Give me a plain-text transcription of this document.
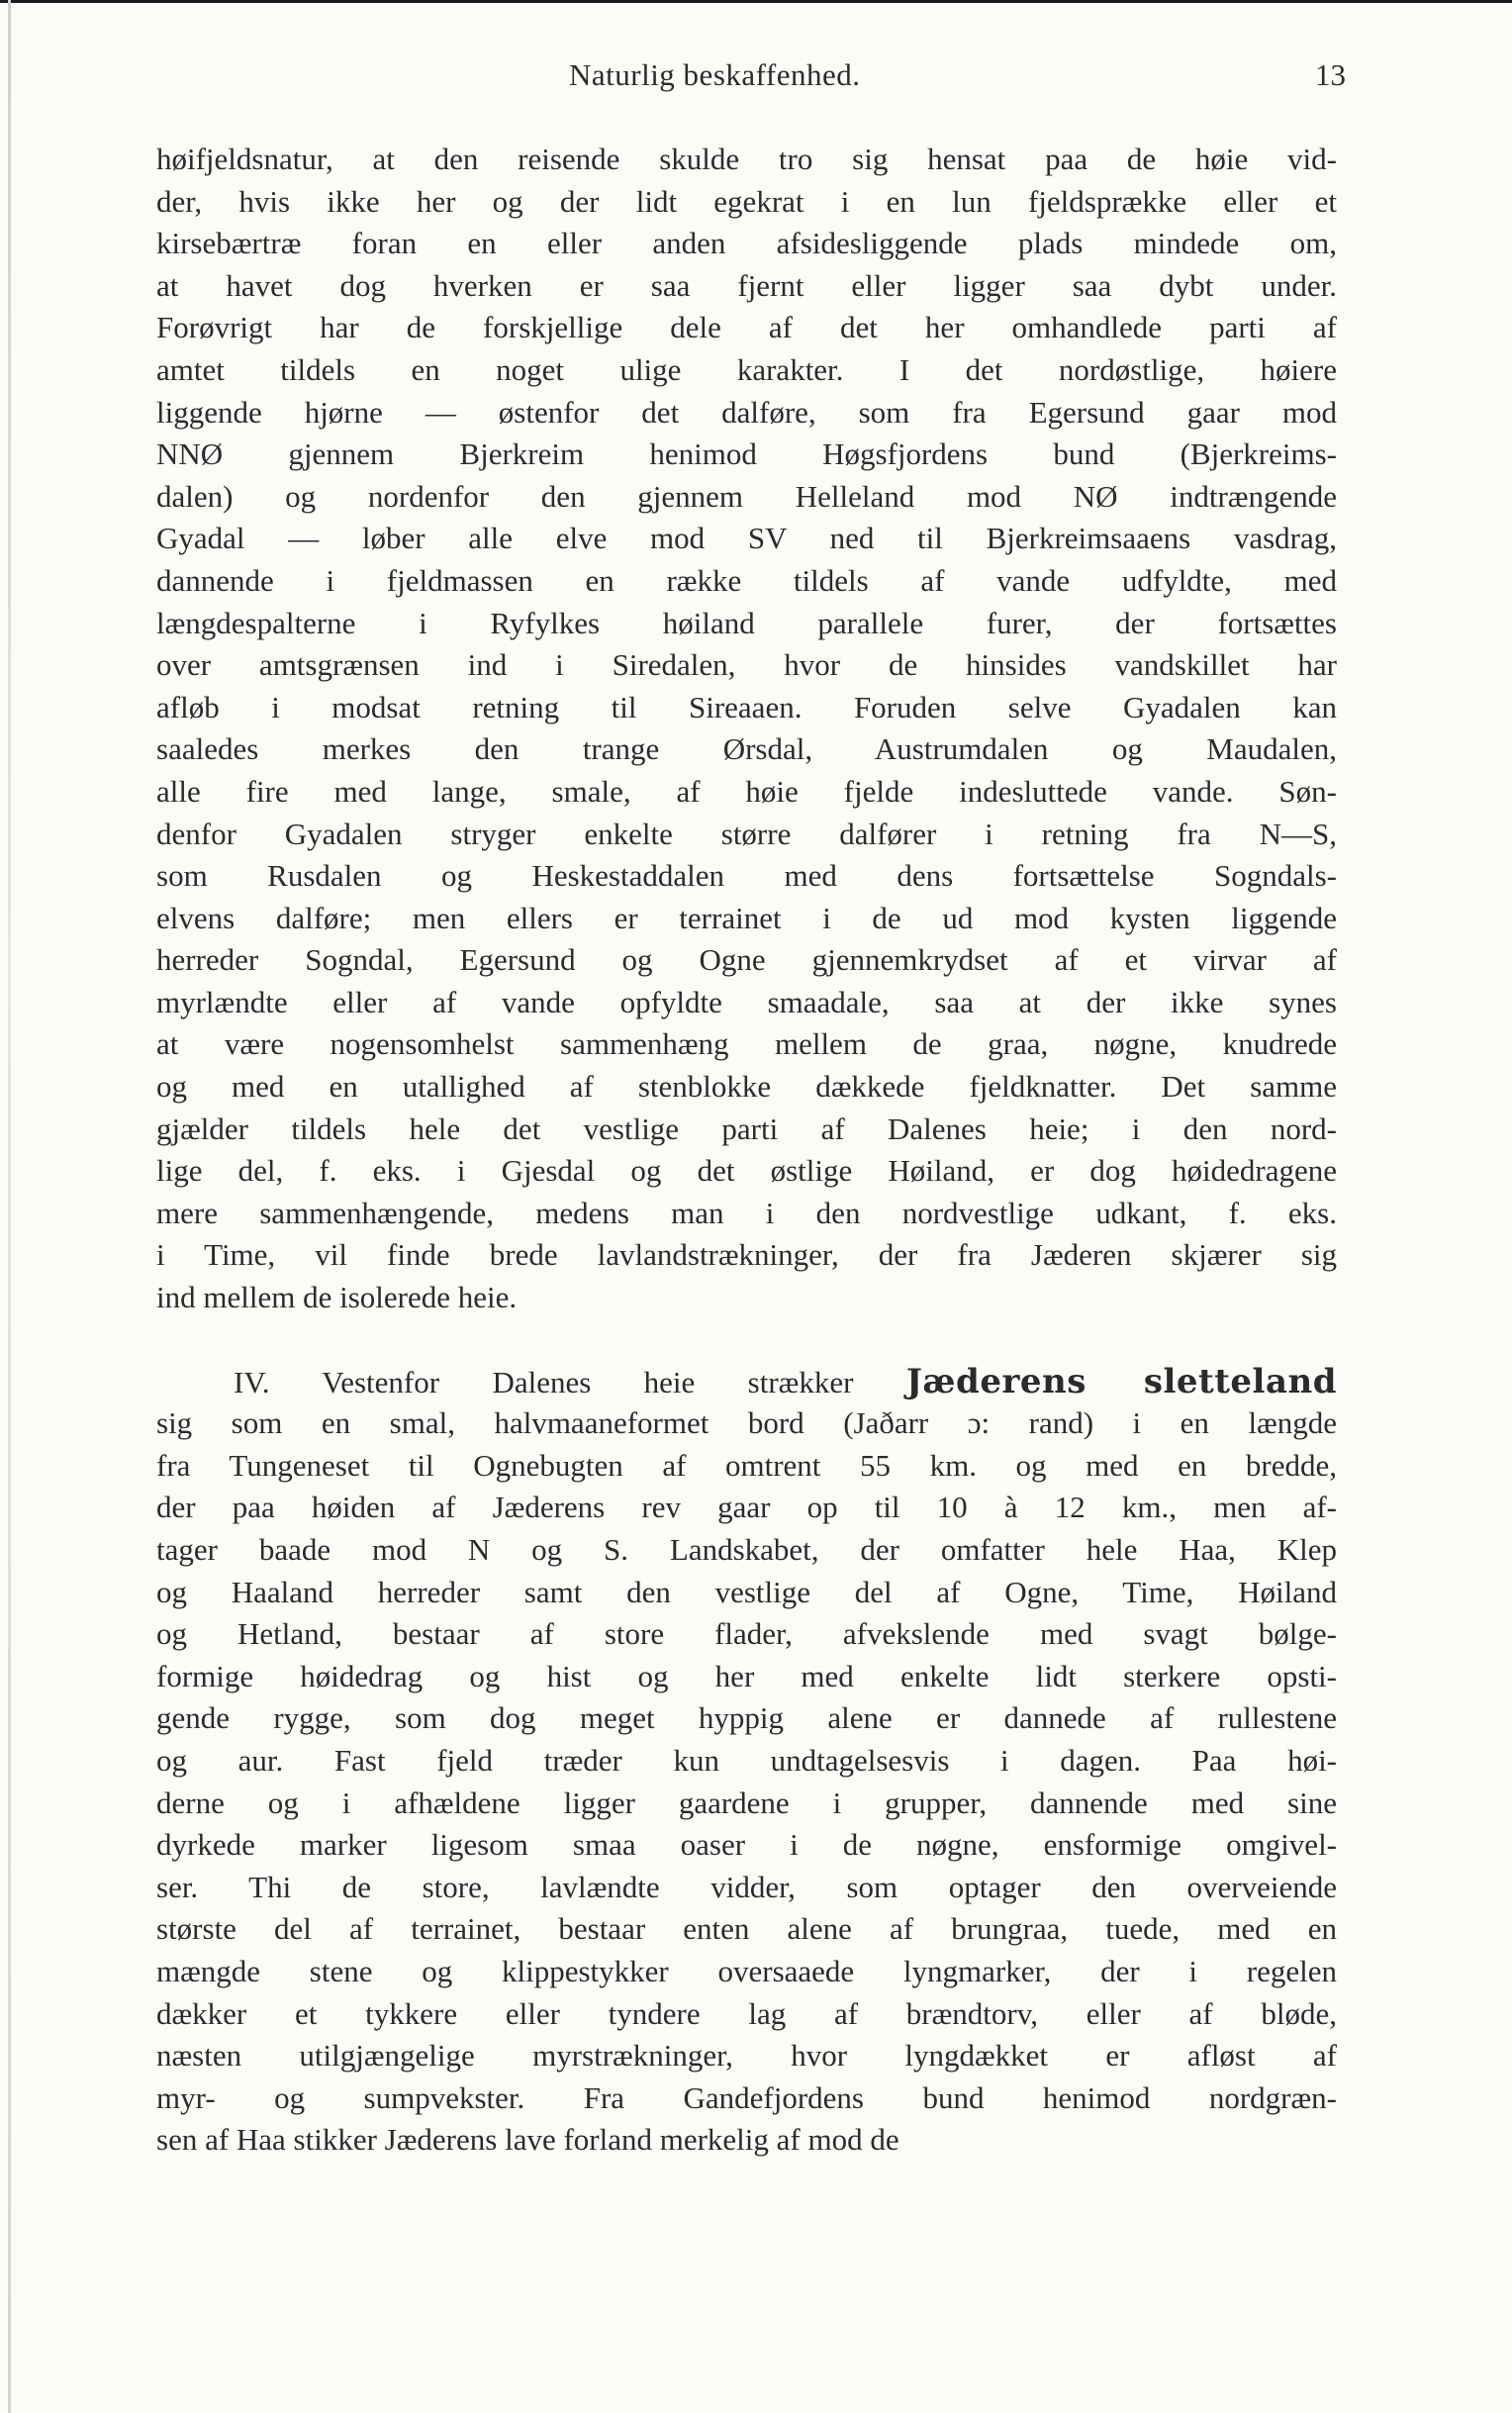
Naturlig beskaffenhed.	13
høifjeldsnatur, at den reisende skulde tro sig hensat paa de høie vid-
der, hvis ikke her og der lidt egekrat i en lun fjeldsprække eller et
kirsebærtræ foran en eller anden afsidesliggende plads mindede om,
at havet dog hverken er saa fjernt eller ligger saa dybt under.
Forøvrigt har de forskjellige dele af det her omhandlede parti af
amtet tildels en noget ulige karakter. I det nordøstlige, høiere
liggende hjørne — østenfor det dalføre, som fra Egersund gaar mod
NNØ gjennem Bjerkreim henimod Høgsfjordens bund (Bjerkreims-
dalen) og nordenfor den gjennem Helleland mod NØ indtrængende
Gyadal — løber alle elve mod SV ned til Bjerkreimsaaens vasdrag,
dannende i fjeldmassen en række tildels af vande udfyldte, med
længdespalterne i Ryfylkes høiland parallele furer, der fortsættes
over amtsgrænsen ind i Siredalen, hvor de hinsides vandskillet har
afløb i modsat retning til Sireaaen. Foruden selve Gyadalen kan
saaledes merkes den trange Ørsdal, Austrumdalen og Maudalen,
alle fire med lange, smale, af høie fjelde indesluttede vande. Søn-
denfor Gyadalen stryger enkelte større dalfører i retning fra N—S,
som Rusdalen og Heskestaddalen med dens fortsættelse Sogndals-
elvens dalføre; men ellers er terrainet i de ud mod kysten liggende
herreder Sogndal, Egersund og Ogne gjennemkrydset af et virvar af
myrlændte eller af vande opfyldte smaadale, saa at der ikke synes
at være nogensomhelst sammenhæng mellem de graa, nøgne, knudrede
og med en utallighed af stenblokke dækkede fjeldknatter. Det samme
gjælder tildels hele det vestlige parti af Dalenes heie; i den nord-
lige del, f. eks. i Gjesdal og det østlige Høiland, er dog høidedragene
mere sammenhængende, medens man i den nordvestlige udkant, f. eks.
i Time, vil finde brede lavlandstrækninger, der fra Jæderen skjærer sig
ind mellem de isolerede heie.
IV. Vestenfor Dalenes heie strækker Jæderens sletteland
sig som en smal, halvmaaneformet bord (Jaðarr ɔ: rand) i en længde
fra Tungeneset til Ognebugten af omtrent 55 km. og med en bredde,
der paa høiden af Jæderens rev gaar op til 10 à 12 km., men af-
tager baade mod N og S. Landskabet, der omfatter hele Haa, Klep
og Haaland herreder samt den vestlige del af Ogne, Time, Høiland
og Hetland, bestaar af store flader, afvekslende med svagt bølge-
formige høidedrag og hist og her med enkelte lidt sterkere opsti-
gende rygge, som dog meget hyppig alene er dannede af rullestene
og aur. Fast fjeld træder kun undtagelsesvis i dagen. Paa høi-
derne og i afhældene ligger gaardene i grupper, dannende med sine
dyrkede marker ligesom smaa oaser i de nøgne, ensformige omgivel-
ser. Thi de store, lavlændte vidder, som optager den overveiende
største del af terrainet, bestaar enten alene af brungraa, tuede, med en
mængde stene og klippestykker oversaaede lyngmarker, der i regelen
dækker et tykkere eller tyndere lag af brændtorv, eller af bløde,
næsten utilgjængelige myrstrækninger, hvor lyngdækket er afløst af
myr- og sumpvekster. Fra Gandefjordens bund henimod nordgræn-
sen af Haa stikker Jæderens lave forland merkelig af mod de
